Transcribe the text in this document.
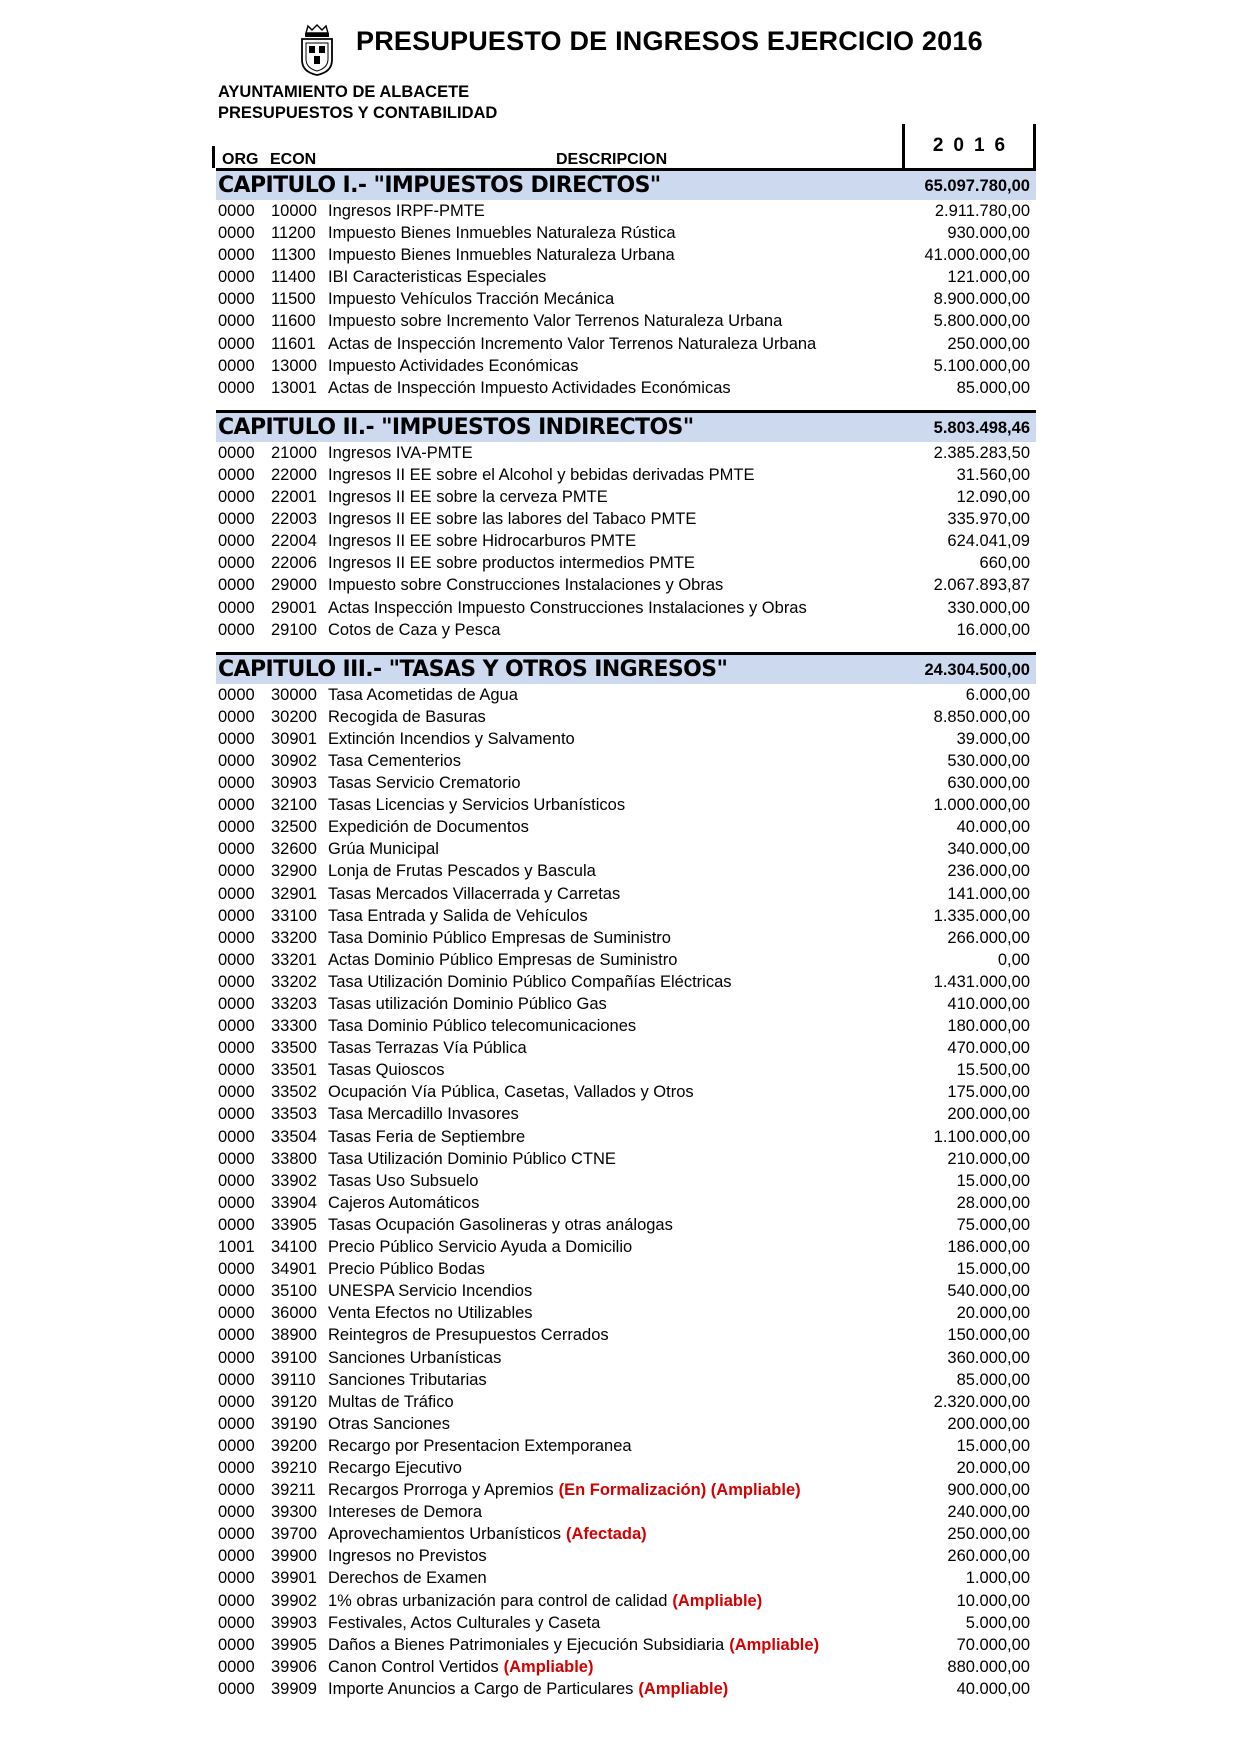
PRESUPUESTO DE INGRESOS EJERCICIO 2016
AYUNTAMIENTO DE ALBACETE
PRESUPUESTOS Y CONTABILIDAD
2016
ORG ECON	DESCRIPCION
CAPITULO I.- "IMPUESTOS DIRECTOS"	65.097.780,00
0000 10000 Ingresos IRPF-PMTE	2.911.780,00
0000 11200 Impuesto Bienes Inmuebles Naturaleza Rústica	930.000,00
0000 11300 Impuesto Bienes Inmuebles Naturaleza Urbana	41.000.000,00
0000 11400 IBI Caracteristicas Especiales	121.000,00
0000 11500 Impuesto Vehículos Tracción Mecánica	8.900.000,00
0000 11600 Impuesto sobre Incremento Valor Terrenos Naturaleza Urbana	5.800.000,00
0000 11601 Actas de Inspección Incremento Valor Terrenos Naturaleza Urbana	250.000,00
0000 13000 Impuesto Actividades Económicas	5.100.000,00
0000 13001 Actas de Inspección Impuesto Actividades Económicas	85.000,00
CAPITULO II.- "IMPUESTOS INDIRECTOS"	5.803.498,46
0000 21000 Ingresos IVA-PMTE	2.385.283,50
0000 22000 Ingresos II EE sobre el Alcohol y bebidas derivadas PMTE	31.560,00
0000 22001 Ingresos II EE sobre la cerveza PMTE	12.090,00
0000 22003 Ingresos II EE sobre las labores del Tabaco PMTE	335.970,00
0000 22004 Ingresos II EE sobre Hidrocarburos PMTE	624.041,09
0000 22006 Ingresos II EE sobre productos intermedios PMTE	660,00
0000 29000 Impuesto sobre Construcciones Instalaciones y Obras	2.067.893,87
0000 29001 Actas Inspección Impuesto Construcciones Instalaciones y Obras	330.000,00
0000 29100 Cotos de Caza y Pesca	16.000,00
CAPITULO III.- "TASAS Y OTROS INGRESOS"	24.304.500,00
0000 30000 Tasa Acometidas de Agua	6.000,00
0000 30200 Recogida de Basuras	8.850.000,00
0000 30901 Extinción Incendios y Salvamento	39.000,00
0000 30902 Tasa Cementerios	530.000,00
0000 30903 Tasas Servicio Crematorio	630.000,00
0000 32100 Tasas Licencias y Servicios Urbanísticos	1.000.000,00
0000 32500 Expedición de Documentos	40.000,00
0000 32600 Grúa Municipal	340.000,00
0000 32900 Lonja de Frutas Pescados y Bascula	236.000,00
0000 32901 Tasas Mercados Villacerrada y Carretas	141.000,00
0000 33100 Tasa Entrada y Salida de Vehículos	1.335.000,00
0000 33200 Tasa Dominio Público Empresas de Suministro	266.000,00
0000 33201 Actas Dominio Público Empresas de Suministro	0,00
0000 33202 Tasa Utilización Dominio Público Compañías Eléctricas	1.431.000,00
0000 33203 Tasas utilización Dominio Público Gas	410.000,00
0000 33300 Tasa Dominio Público telecomunicaciones	180.000,00
0000 33500 Tasas Terrazas Vía Pública	470.000,00
0000 33501 Tasas Quioscos	15.500,00
0000 33502 Ocupación Vía Pública, Casetas, Vallados y Otros	175.000,00
0000 33503 Tasa Mercadillo Invasores	200.000,00
0000 33504 Tasas Feria de Septiembre	1.100.000,00
0000 33800 Tasa Utilización Dominio Público CTNE	210.000,00
0000 33902 Tasas Uso Subsuelo	15.000,00
0000 33904 Cajeros Automáticos	28.000,00
0000 33905 Tasas Ocupación Gasolineras y otras análogas	75.000,00
1001 34100 Precio Público Servicio Ayuda a Domicilio	186.000,00
0000 34901 Precio Público Bodas	15.000,00
0000 35100 UNESPA Servicio Incendios	540.000,00
0000 36000 Venta Efectos no Utilizables	20.000,00
0000 38900 Reintegros de Presupuestos Cerrados	150.000,00
0000 39100 Sanciones Urbanísticas	360.000,00
0000 39110 Sanciones Tributarias	85.000,00
0000 39120 Multas de Tráfico	2.320.000,00
0000 39190 Otras Sanciones	200.000,00
0000 39200 Recargo por Presentacion Extemporanea	15.000,00
0000 39210 Recargo Ejecutivo	20.000,00
0000 39211 Recargos Prorroga y Apremios (En Formalización) (Ampliable)	900.000,00
0000 39300 Intereses de Demora	240.000,00
0000 39700 Aprovechamientos Urbanísticos (Afectada)	250.000,00
0000 39900 Ingresos no Previstos	260.000,00
0000 39901 Derechos de Examen	1.000,00
0000 39902 1% obras urbanización para control de calidad (Ampliable)	10.000,00
0000 39903 Festivales, Actos Culturales y Caseta	5.000,00
0000 39905 Daños a Bienes Patrimoniales y Ejecución Subsidiaria (Ampliable)	70.000,00
0000 39906 Canon Control Vertidos (Ampliable)	880.000,00
0000 39909 Importe Anuncios a Cargo de Particulares (Ampliable)	40.000,00
